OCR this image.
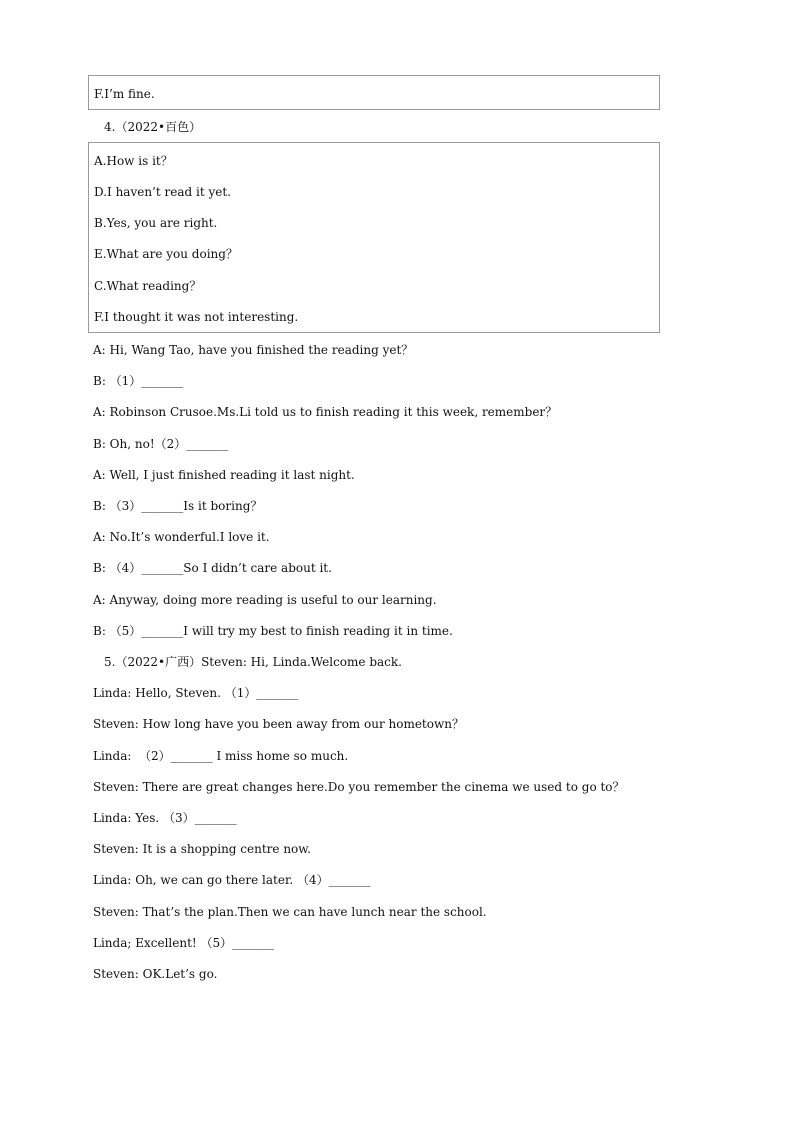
F.I’m fine.
4.（2022•百色）
A.How is it？
D.I haven’t read it yet.
B.Yes, you are right.
E.What are you doing？
C.What reading？
F.I thought it was not interesting.
A: Hi, Wang Tao, have you finished the reading yet？
B: （1）_______
A: Robinson Crusoe.Ms.Li told us to finish reading it this week, remember？
B: Oh, no!（2）_______
A: Well, I just finished reading it last night.
B: （3）_______Is it boring？
A: No.It’s wonderful.I love it.
B: （4）_______So I didn’t care about it.
A: Anyway, doing more reading is useful to our learning.
B: （5）_______I will try my best to finish reading it in time.
5.（2022•广西）Steven: Hi, Linda.Welcome back.
Linda: Hello, Steven. （1）_______
Steven: How long have you been away from our hometown？
Linda:  （2）_______ I miss home so much.
Steven: There are great changes here.Do you remember the cinema we used to go to？
Linda: Yes. （3）_______
Steven: It is a shopping centre now.
Linda: Oh, we can go there later. （4）_______
Steven: That’s the plan.Then we can have lunch near the school.
Linda; Excellent! （5）_______
Steven: OK.Let’s go.
